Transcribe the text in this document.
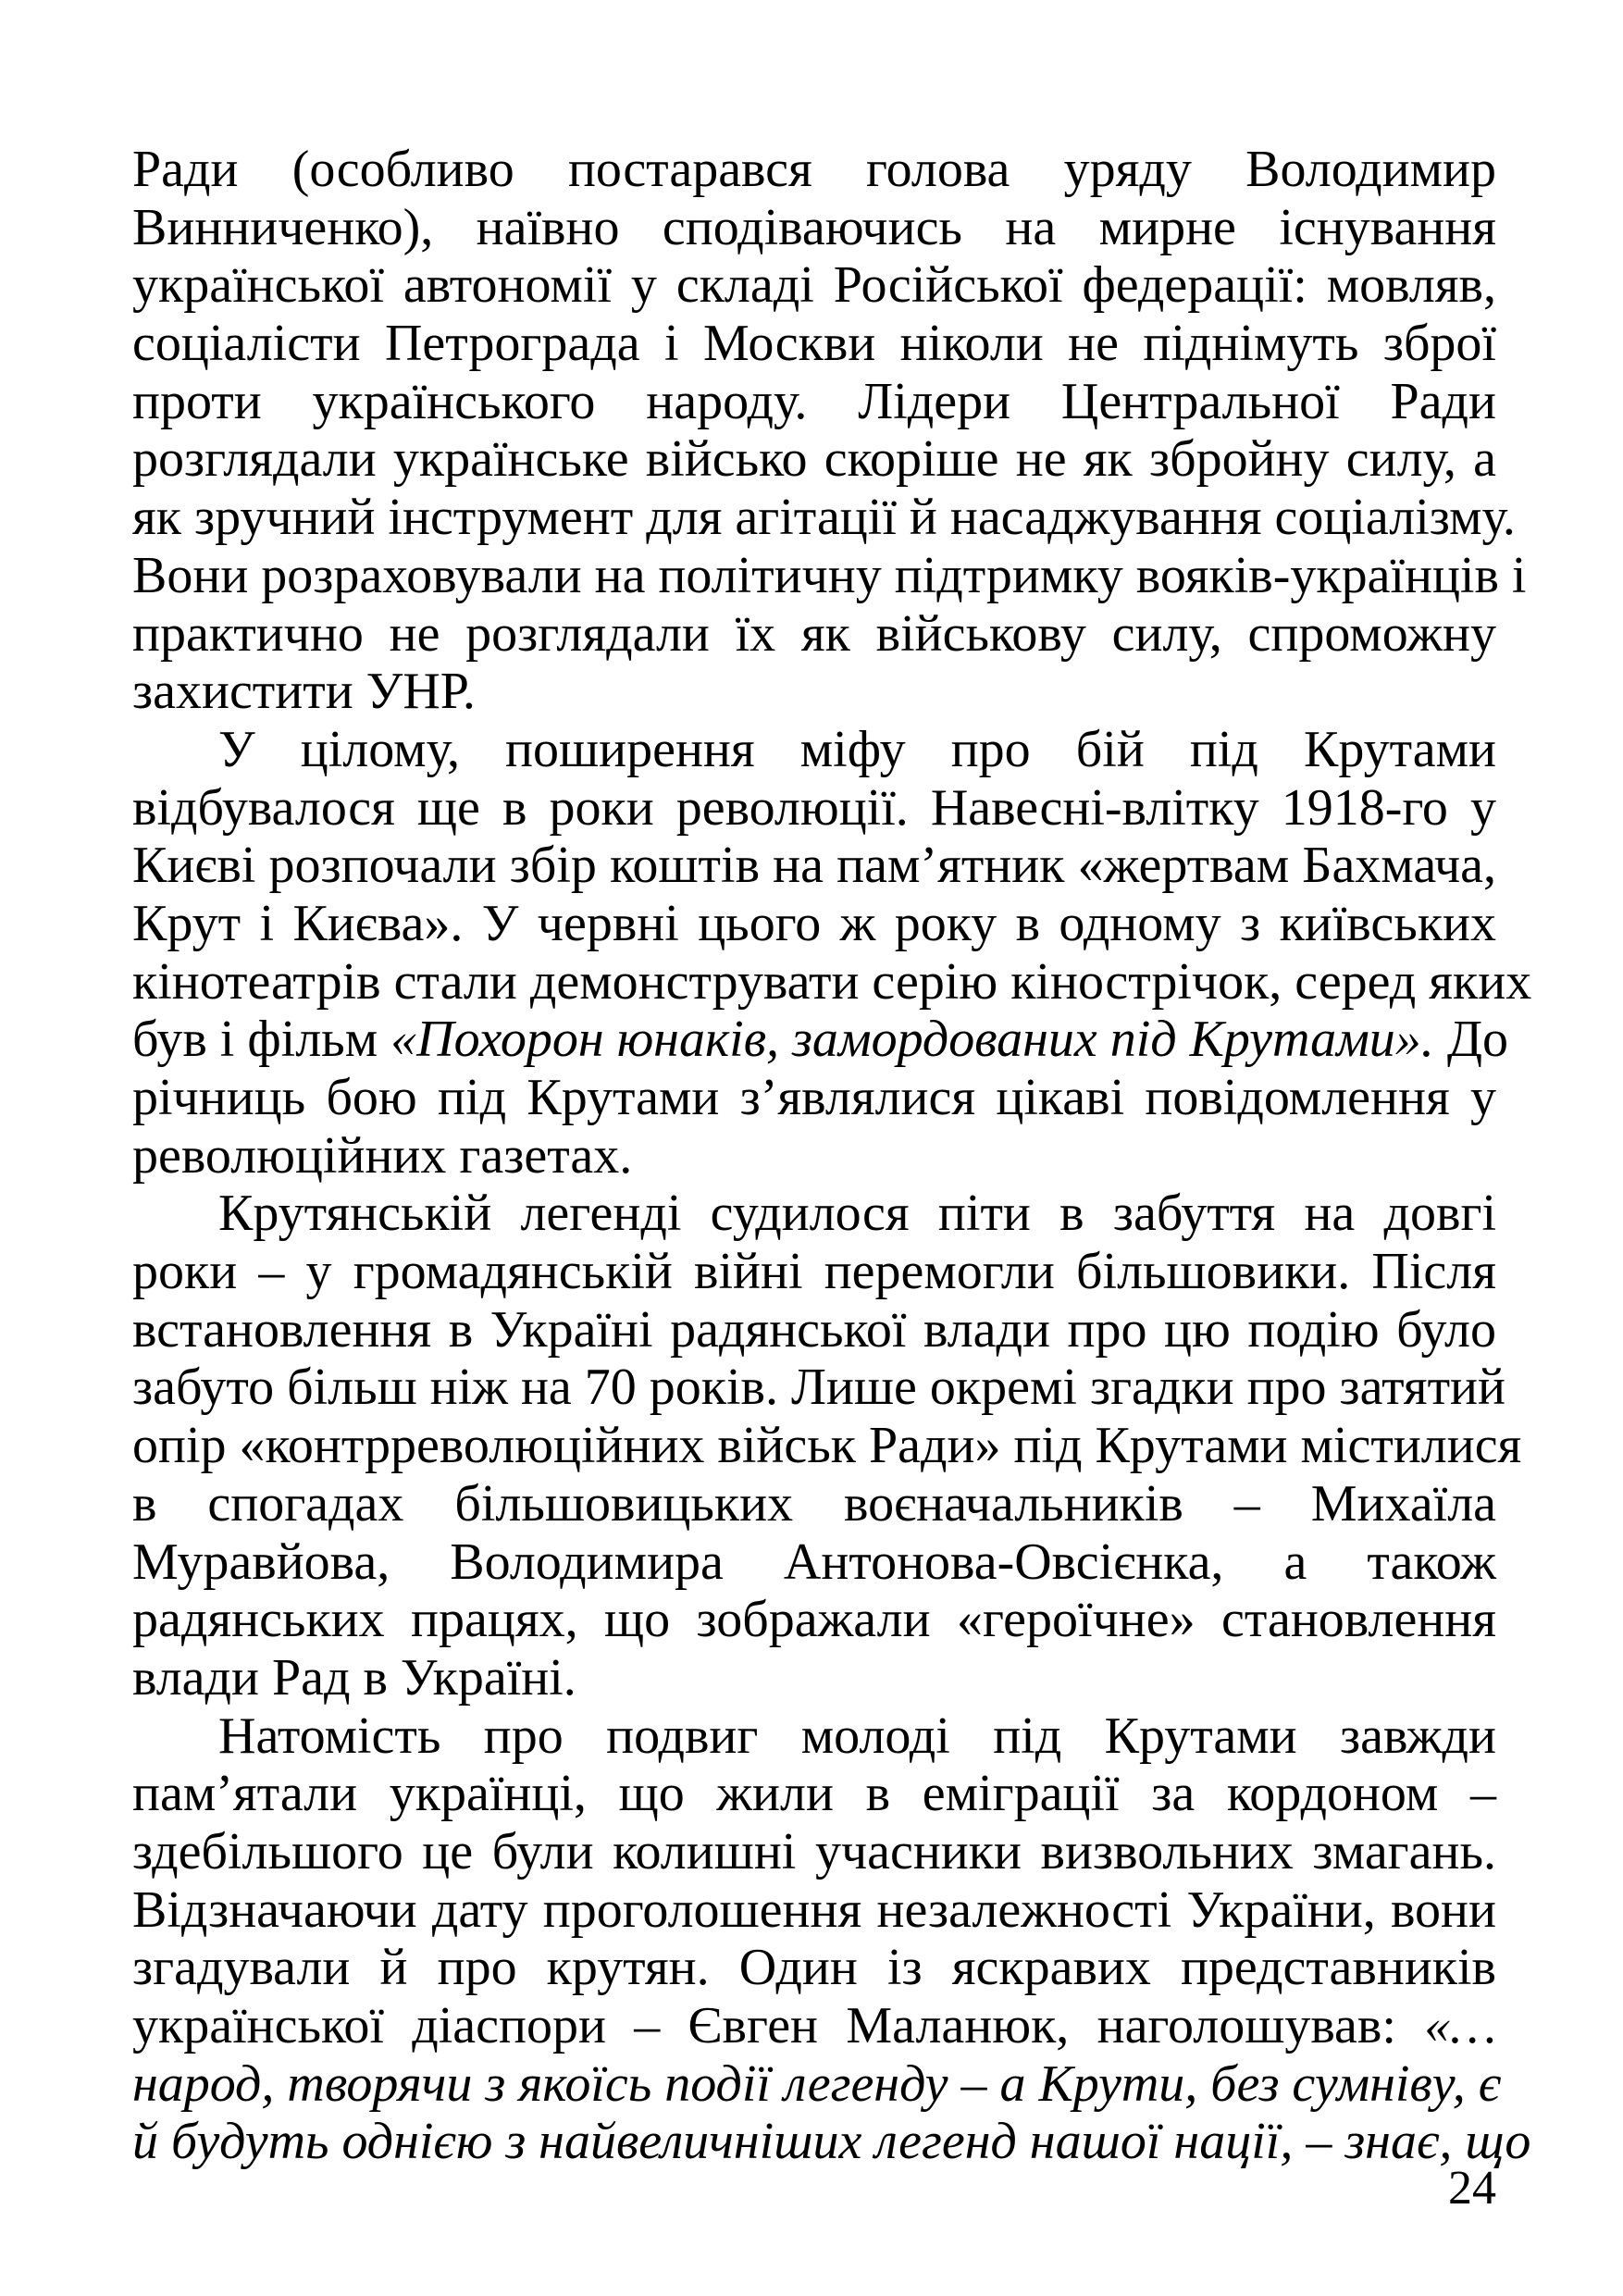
Ради (особливо постарався голова уряду Володимир
Винниченко), наївно сподіваючись на мирне існування
української автономії у складі Російської федерації: мовляв,
соціалісти Петрограда і Москви ніколи не піднімуть зброї
проти українського народу. Лідери Центральної Ради
розглядали українське військо скоріше не як збройну силу, а
як зручний інструмент для агітації й насаджування соціалізму.
Вони розраховували на політичну підтримку вояків-українців і
практично не розглядали їх як військову силу, спроможну
захистити УНР.
У цілому, поширення міфу про бій під Крутами
відбувалося ще в роки революції. Навесні-влітку 1918-го у
Києві розпочали збір коштів на пам’ятник «жертвам Бахмача,
Крут і Києва». У червні цього ж року в одному з київських
кінотеатрів стали демонструвати серію кінострічок, серед яких
був і фільм «Похорон юнаків, замордованих під Крутами». До
річниць бою під Крутами з’являлися цікаві повідомлення у
революційних газетах.
Крутянській легенді судилося піти в забуття на довгі
роки – у громадянській війні перемогли більшовики. Після
встановлення в Україні радянської влади про цю подію було
забуто більш ніж на 70 років. Лише окремі згадки про затятий
опір «контрреволюційних військ Ради» під Крутами містилися
в спогадах більшовицьких воєначальників – Михаїла
Муравйова, Володимира Антонова-Овсієнка, а також
радянських працях, що зображали «героїчне» становлення
влади Рад в Україні.
Натомість про подвиг молоді під Крутами завжди
пам’ятали українці, що жили в еміграції за кордоном –
здебільшого це були колишні учасники визвольних змагань.
Відзначаючи дату проголошення незалежності України, вони
згадували й про крутян. Один із яскравих представників
української діаспори – Євген Маланюк, наголошував: «…
народ, творячи з якоїсь події легенду – а Крути, без сумніву, є
й будуть однією з найвеличніших легенд нашої нації, – знає, що
24
